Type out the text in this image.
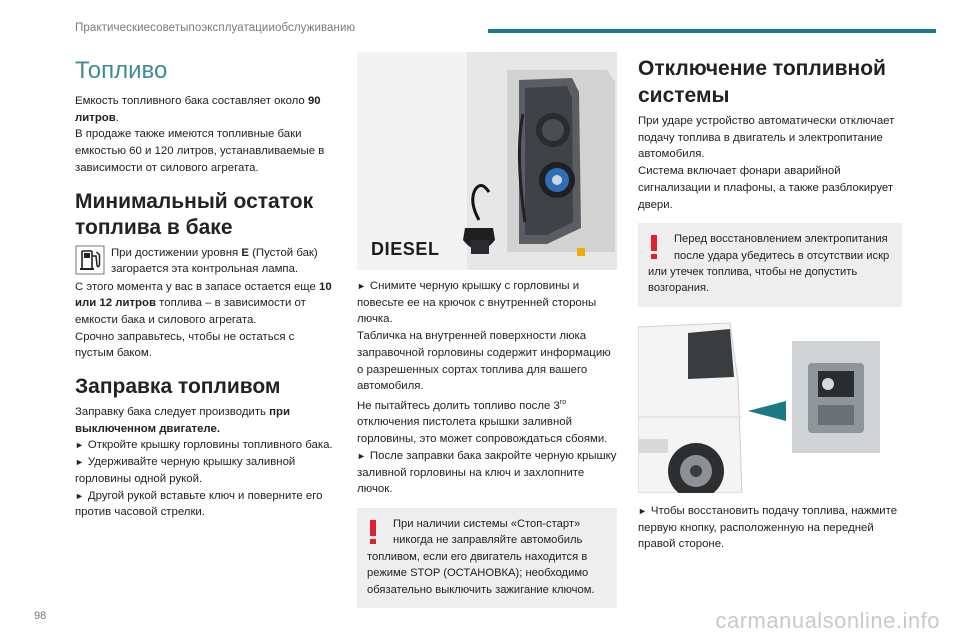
Практическиесоветыпоэксплуатацииобслуживанию
Топливо

Емкость топливного бака составляет около 90 литров.

В продаже также имеются топливные баки емкостью 60 и 120 литров, устанавливаемые в зависимости от силового агрегата.

Минимальный остаток топлива в баке

При достижении уровня E (Пустой бак) загорается эта контрольная лампа.

С этого момента у вас в запасе остается еще 10 или 12 литров топлива – в зависимости от емкости бака и силового агрегата.

Срочно заправьтесь, чтобы не остаться с пустым баком.

Заправка топливом

Заправку бака следует производить при выключенном двигателе.

► Откройте крышку горловины топливного бака.

► Удерживайте черную крышку заливной горловины одной рукой.

► Другой рукой вставьте ключ и поверните его против часовой стрелки.

DIESEL

► Снимите черную крышку с горловины и повесьте ее на крючок с внутренней стороны лючка.

Табличка на внутренней поверхности люка заправочной горловины содержит информацию о разрешенных сортах топлива для вашего автомобиля.

Не пытайтесь долить топливо после $3^{го}$ отключения пистолета крышки заливной горловины, это может сопровождаться сбоями.

► После заправки бака закройте черную крышку заливной горловины на ключ и захлопните лючок.

При наличии системы «Стоп-старт»

никогда не заправляйте автомобиль

топливом, если его двигатель находится в режиме STOP (ОСТАНОВКА); необходимо обязательно выключить зажигание ключом.

Отключение топливной системы

При ударе устройство автоматически отключает подачу топлива в двигатель и электропитание автомобиля.

Система включает фонари аварийной сигнализации и плафоны, а также разблокирует двери.

Перед восстановлением электропитания

после удара убедитесь в отсутствии искр

или утечек топлива, чтобы не допустить возгорания.

► Чтобы восстановить подачу топлива, нажмите первую кнопку, расположенную на передней правой стороне.

98	carmanualsonline.info
